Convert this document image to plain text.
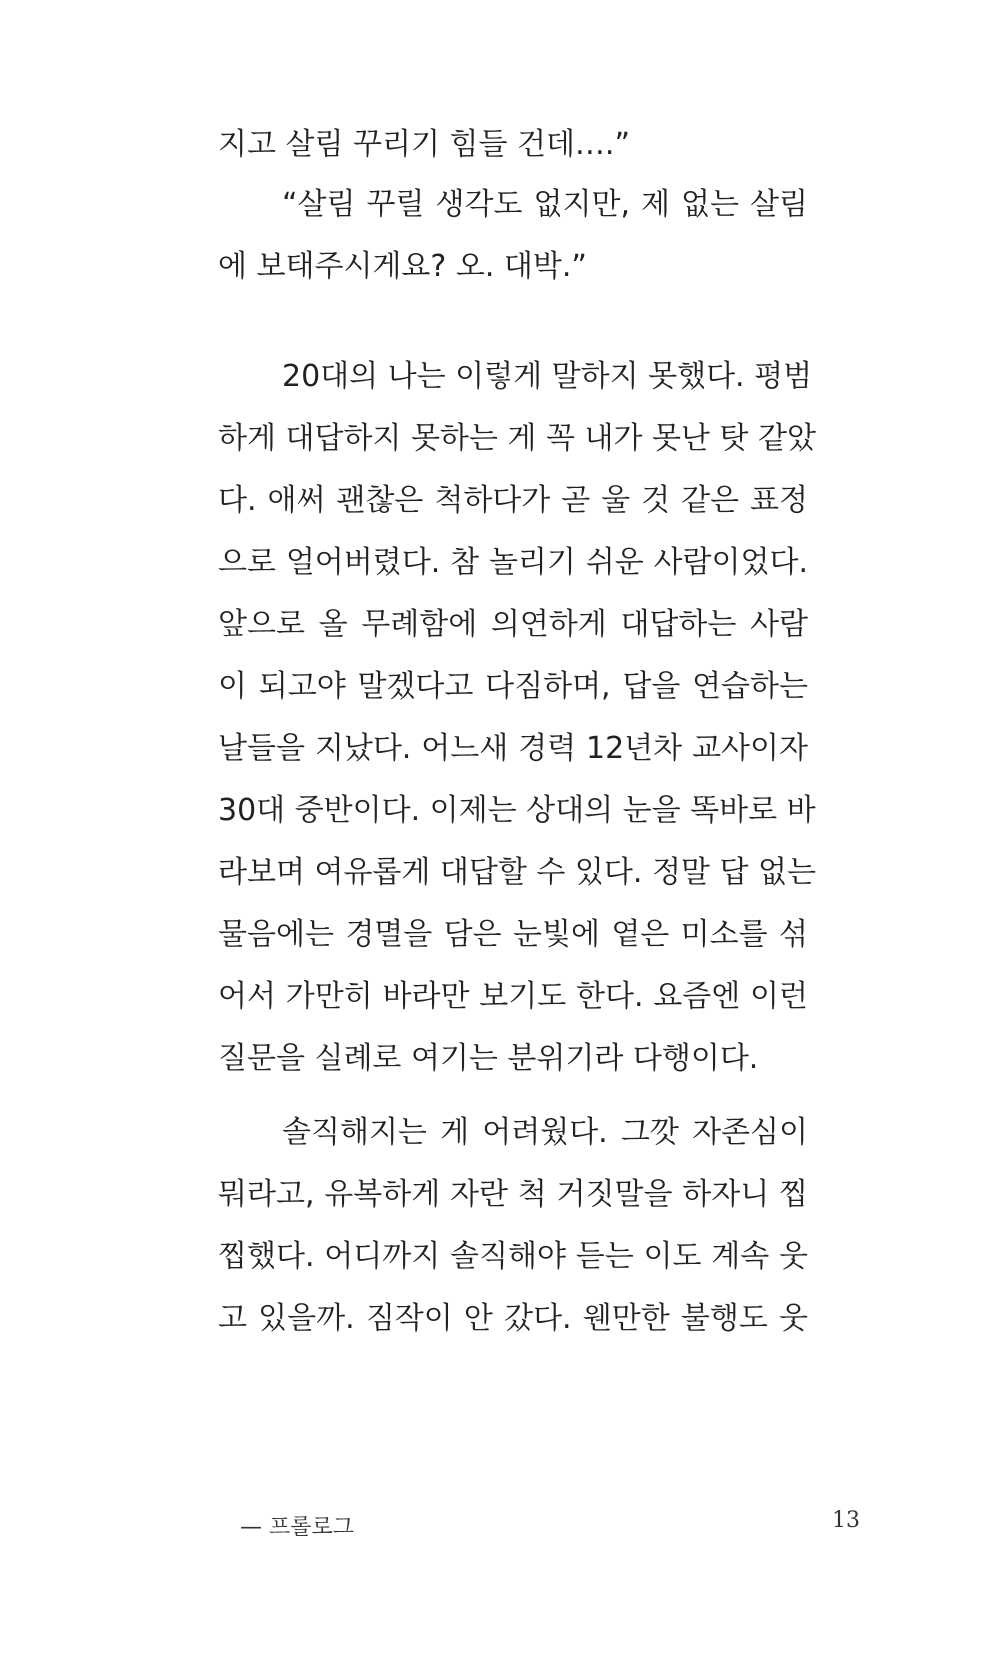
지고 살림 꾸리기 힘들 건데….”
“살림 꾸릴 생각도 없지만, 제 없는 살림
에 보태주시게요? 오. 대박.”
20대의 나는 이렇게 말하지 못했다. 평범
하게 대답하지 못하는 게 꼭 내가 못난 탓 같았
다. 애써 괜찮은 척하다가 곧 울 것 같은 표정
으로 얼어버렸다. 참 놀리기 쉬운 사람이었다.
앞으로 올 무례함에 의연하게 대답하는 사람
이 되고야 말겠다고 다짐하며, 답을 연습하는
날들을 지났다. 어느새 경력 12년차 교사이자
30대 중반이다. 이제는 상대의 눈을 똑바로 바
라보며 여유롭게 대답할 수 있다. 정말 답 없는
물음에는 경멸을 담은 눈빛에 옅은 미소를 섞
어서 가만히 바라만 보기도 한다. 요즘엔 이런
질문을 실례로 여기는 분위기라 다행이다.
솔직해지는 게 어려웠다. 그깟 자존심이
뭐라고, 유복하게 자란 척 거짓말을 하자니 찝
찝했다. 어디까지 솔직해야 듣는 이도 계속 웃
고 있을까. 짐작이 안 갔다. 웬만한 불행도 웃
— 프롤로그	13
